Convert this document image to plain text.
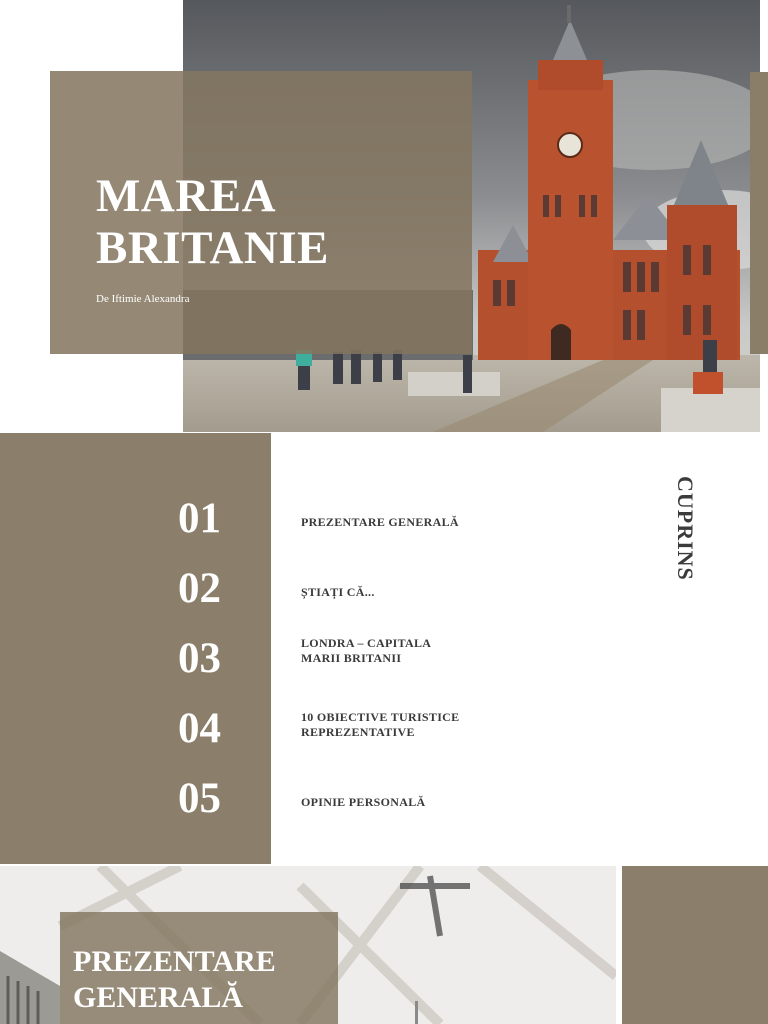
MAREA BRITANIE
De Iftimie Alexandra
01	PREZENTARE GENERALĂ
02	ȘTIAȚI CĂ...
03	LONDRA – CAPITALA MARII BRITANII
04	10 OBIECTIVE TURISTICE REPREZENTATIVE
05	OPINIE PERSONALĂ
CUPRINS
PREZENTARE GENERALĂ
